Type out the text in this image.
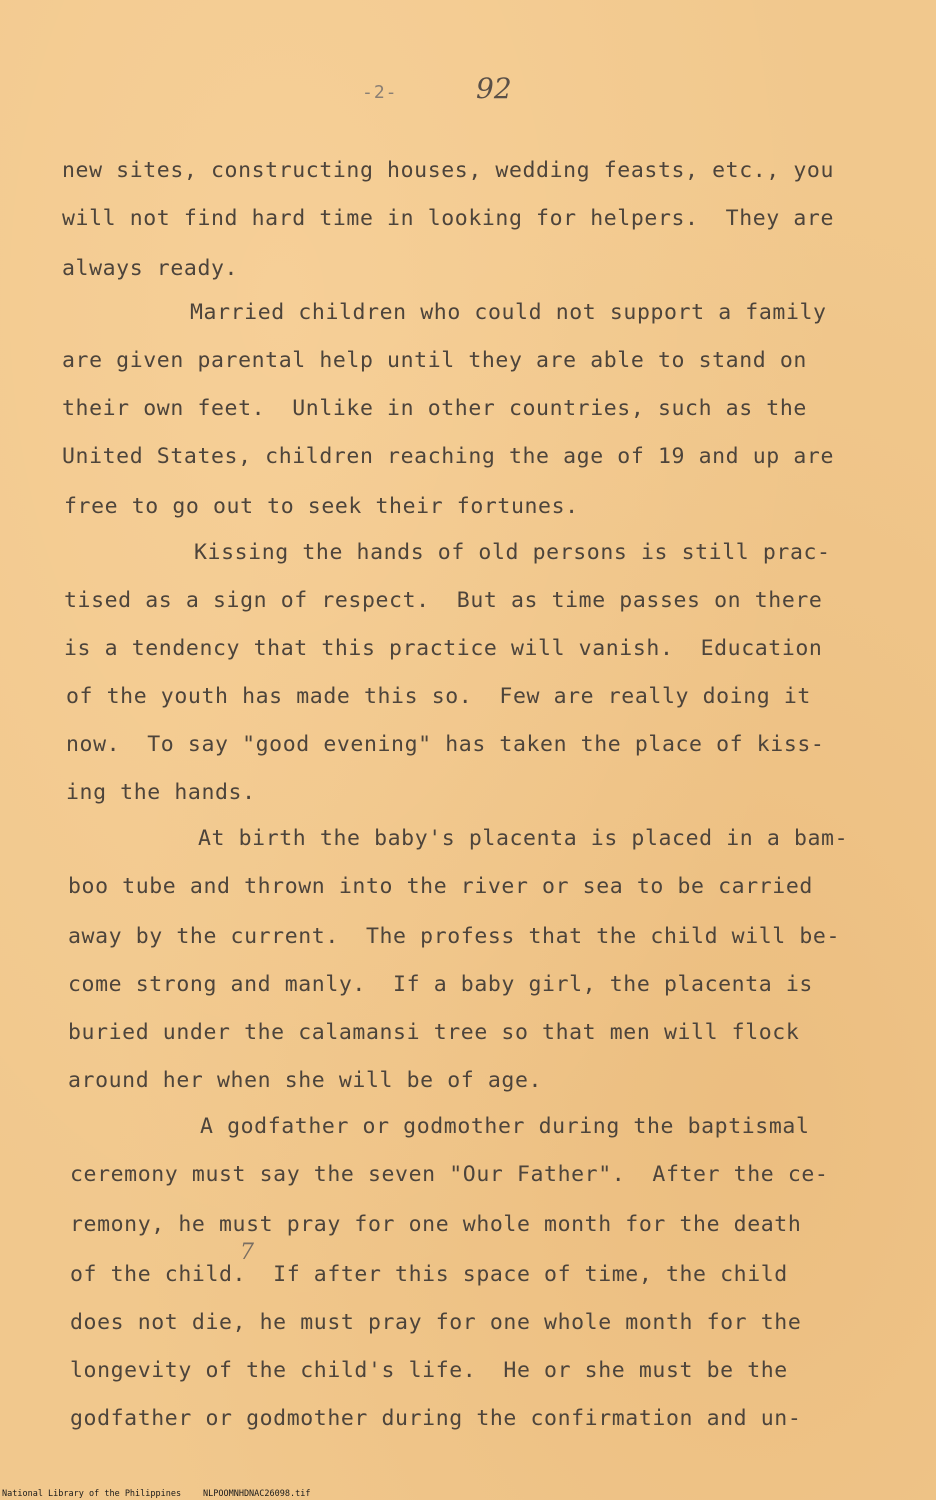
-2-	92
new sites, constructing houses, wedding feasts, etc., you
will not find hard time in looking for helpers.  They are
always ready.
Married children who could not support a family
are given parental help until they are able to stand on
their own feet.  Unlike in other countries, such as the
United States, children reaching the age of 19 and up are
free to go out to seek their fortunes.
Kissing the hands of old persons is still prac-
tised as a sign of respect.  But as time passes on there
is a tendency that this practice will vanish.  Education
of the youth has made this so.  Few are really doing it
now.  To say "good evening" has taken the place of kiss-
ing the hands.
At birth the baby's placenta is placed in a bam-
boo tube and thrown into the river or sea to be carried
away by the current.  The profess that the child will be-
come strong and manly.  If a baby girl, the placenta is
buried under the calamansi tree so that men will flock
around her when she will be of age.
A godfather or godmother during the baptismal
ceremony must say the seven "Our Father".  After the ce-
remony, he must pray for one whole month for the death
of the child.  If after this space of time, the child
does not die, he must pray for one whole month for the
longevity of the child's life.  He or she must be the
godfather or godmother during the confirmation and un-
7
National Library of the Philippines	NLPOOMNHDNAC26098.tif
